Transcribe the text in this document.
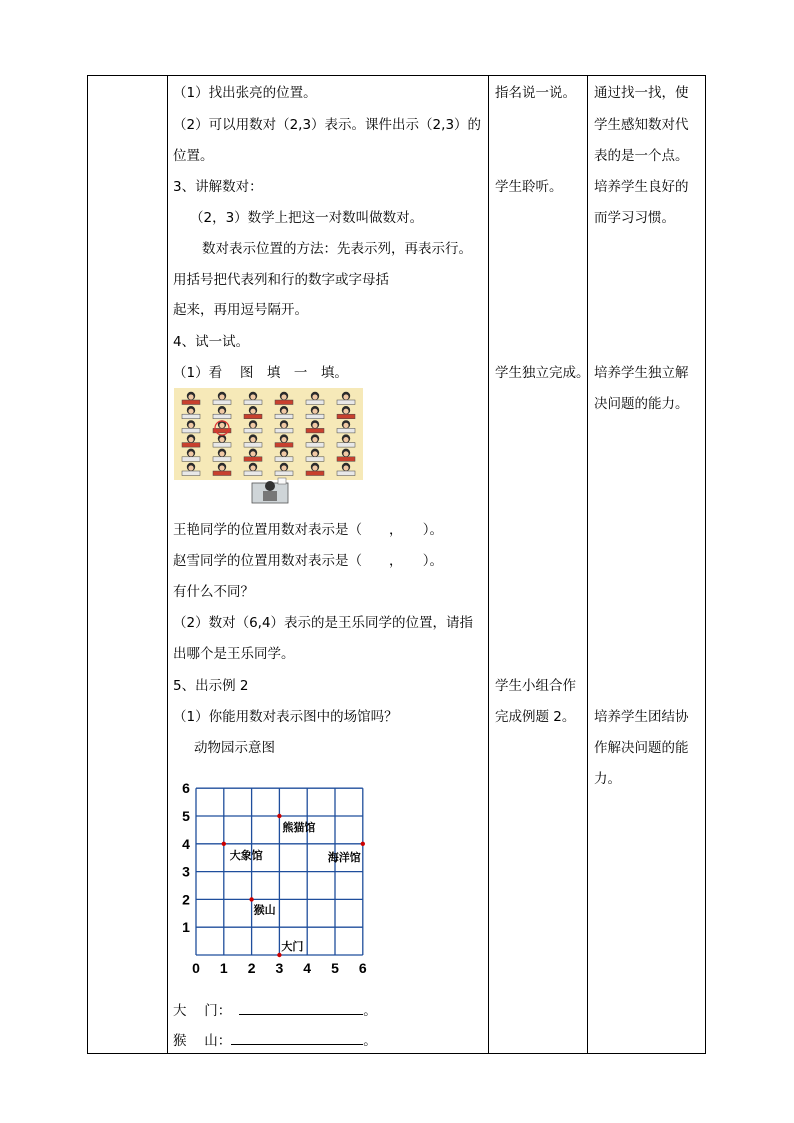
（1）找出张亮的位置。
（2）可以用数对（2,3）表示。课件出示（2,3）的
位置。
3、讲解数对：
（2，3）数学上把这一对数叫做数对。
数对表示位置的方法：先表示列，再表示行。
用括号把代表列和行的数字或字母括
起来，再用逗号隔开。
4、试一试。
（1）看　 图　填　一　填。
王艳同学的位置用数对表示是（　　，　　）。
赵雪同学的位置用数对表示是（　　，　　）。
有什么不同？
（2）数对（6,4）表示的是王乐同学的位置，请指
出哪个是王乐同学。
5、出示例 2
（1）你能用数对表示图中的场馆吗？
动物园示意图
0 1 2 3 4 5 6
1
2
3
4
5
6
大门
猴山
大象馆
熊猫馆
海洋馆
大　 门：	。
猴　 山：	。
指名说一说。
学生聆听。
学生独立完成。
学生小组合作
完成例题 2。
通过找一找，使
学生感知数对代
表的是一个点。
培养学生良好的
而学习习惯。
培养学生独立解
决问题的能力。
培养学生团结协
作解决问题的能
力。
